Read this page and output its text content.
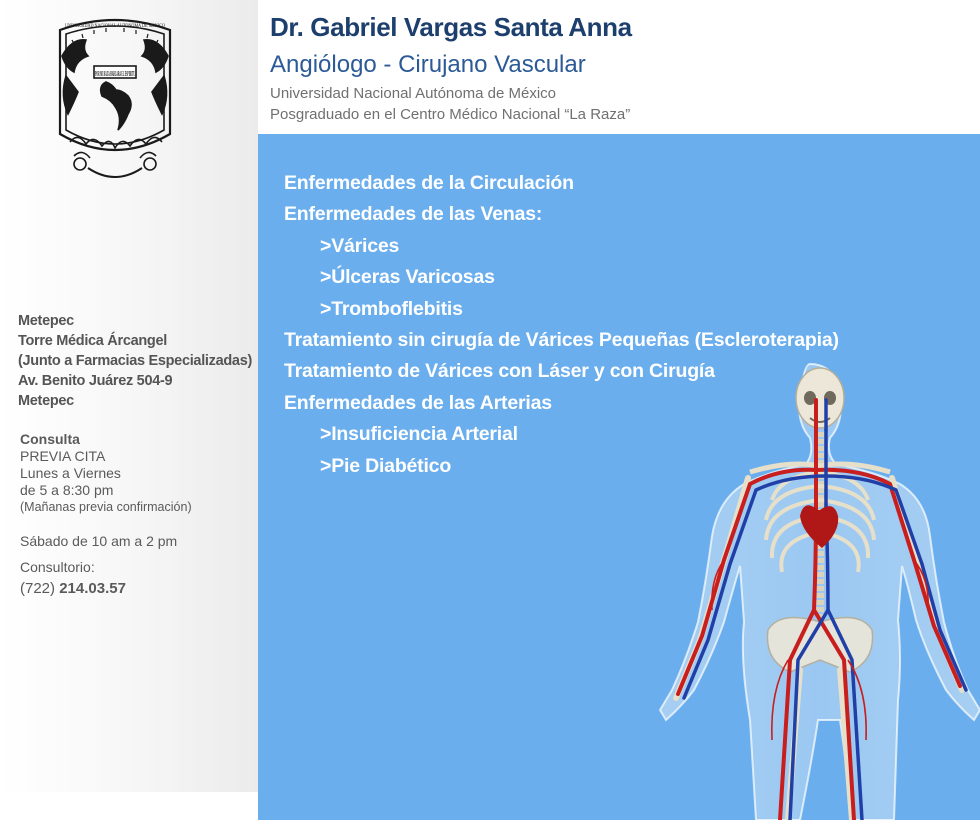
POR MI RAZA HABLARA EL ESPIRITU
UNIVERSIDAD NACIONAL AUTONOMA DE MEXICO
Metepec
Torre Médica Árcangel
(Junto a Farmacias Especializadas)
Av. Benito Juárez 504-9
Metepec
Consulta
PREVIA CITA
Lunes a Viernes
de 5 a 8:30 pm
(Mañanas previa confirmación)
Sábado de 10 am a 2 pm
Consultorio:
(722) 214.03.57
Dr. Gabriel Vargas Santa Anna
Angiólogo - Cirujano Vascular
Universidad Nacional Autónoma de México
Posgraduado en el Centro Médico Nacional “La Raza”
Enfermedades de la Circulación
Enfermedades de las Venas:
>Várices
>Úlceras Varicosas
>Tromboflebitis
Tratamiento sin cirugía de Várices Pequeñas (Escleroterapia)
Tratamiento de Várices con Láser y con Cirugía
Enfermedades de las Arterias
>Insuficiencia Arterial
>Pie Diabético
